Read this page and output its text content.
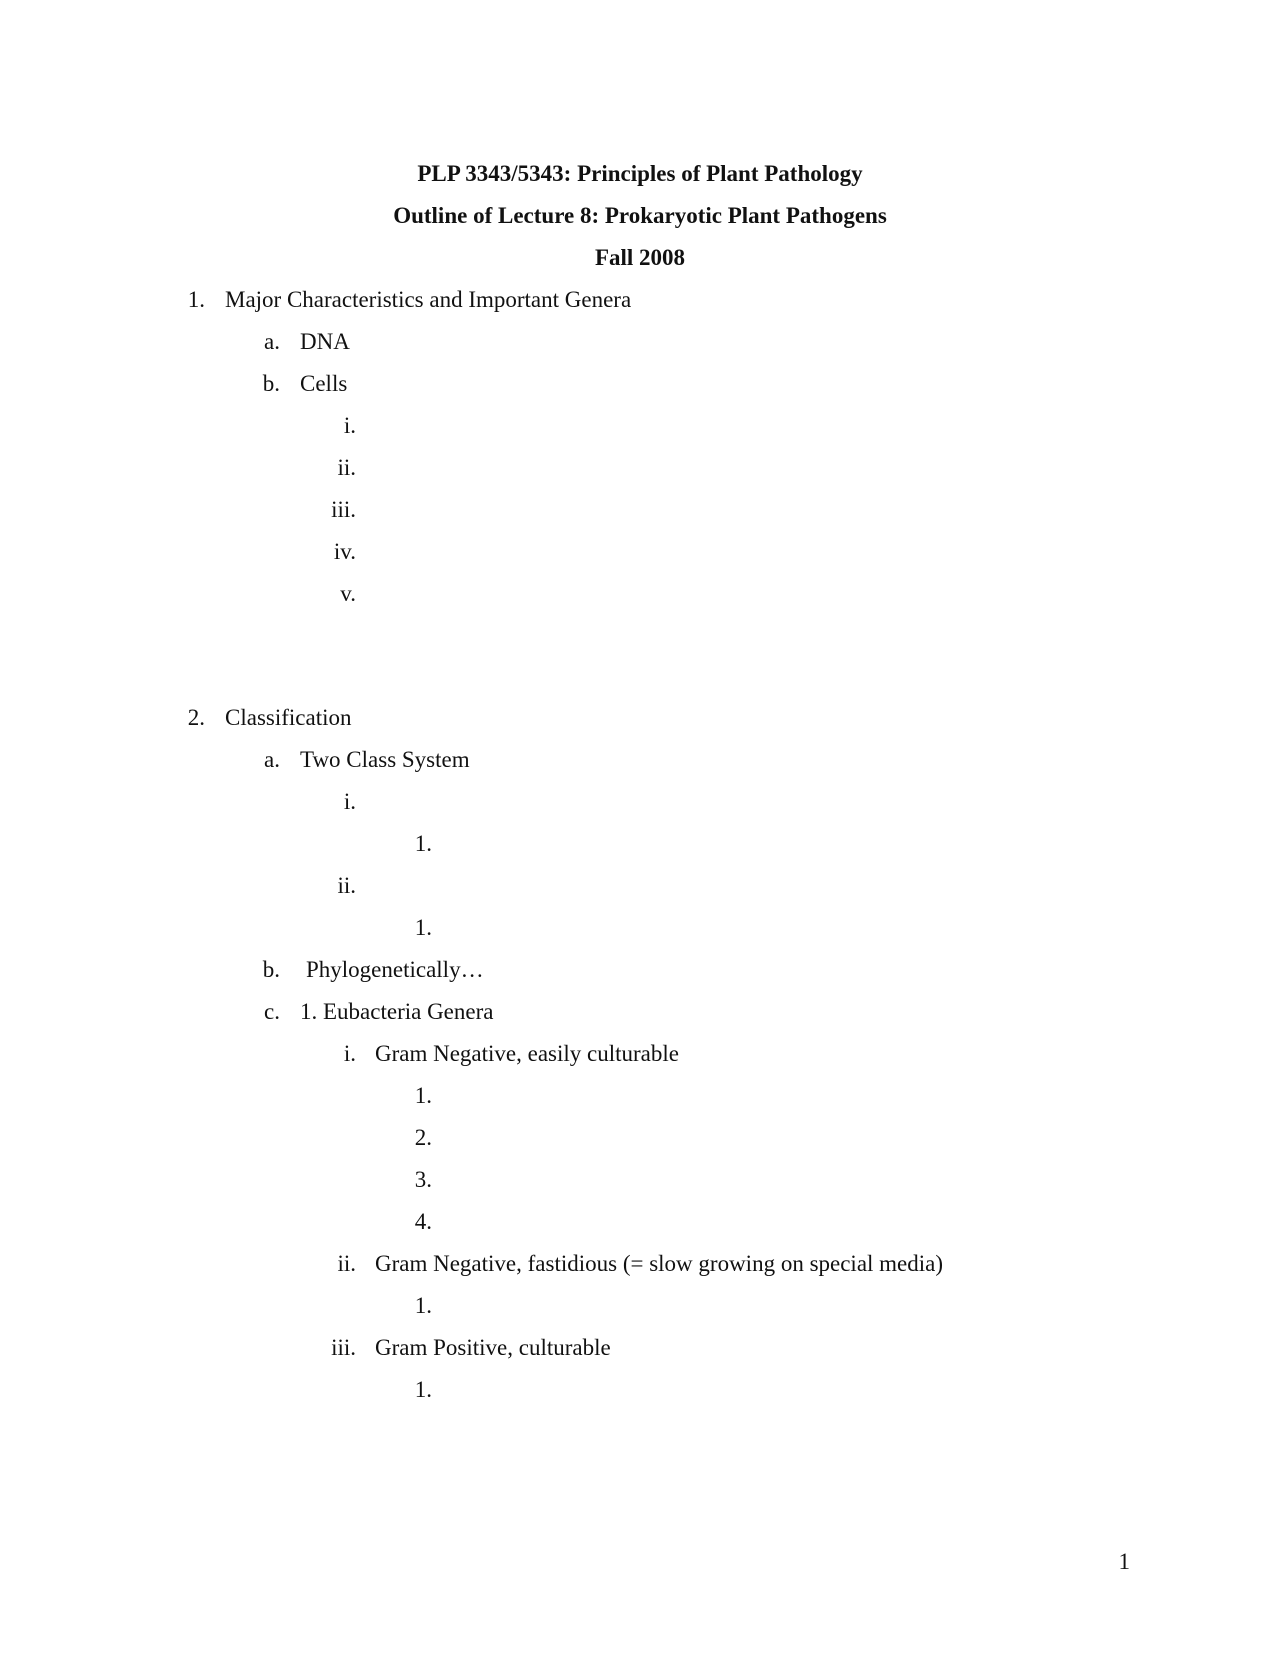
PLP 3343/5343: Principles of Plant Pathology
Outline of Lecture 8: Prokaryotic Plant Pathogens
Fall 2008
1. Major Characteristics and Important Genera
a. DNA
b. Cells
i.
ii.
iii.
iv.
v.
2. Classification
a. Two Class System
i.
1.
ii.
1.
b. Phylogenetically…
c. 1. Eubacteria Genera
i. Gram Negative, easily culturable
1.
2.
3.
4.
ii. Gram Negative, fastidious (= slow growing on special media)
1.
iii. Gram Positive, culturable
1.
1
